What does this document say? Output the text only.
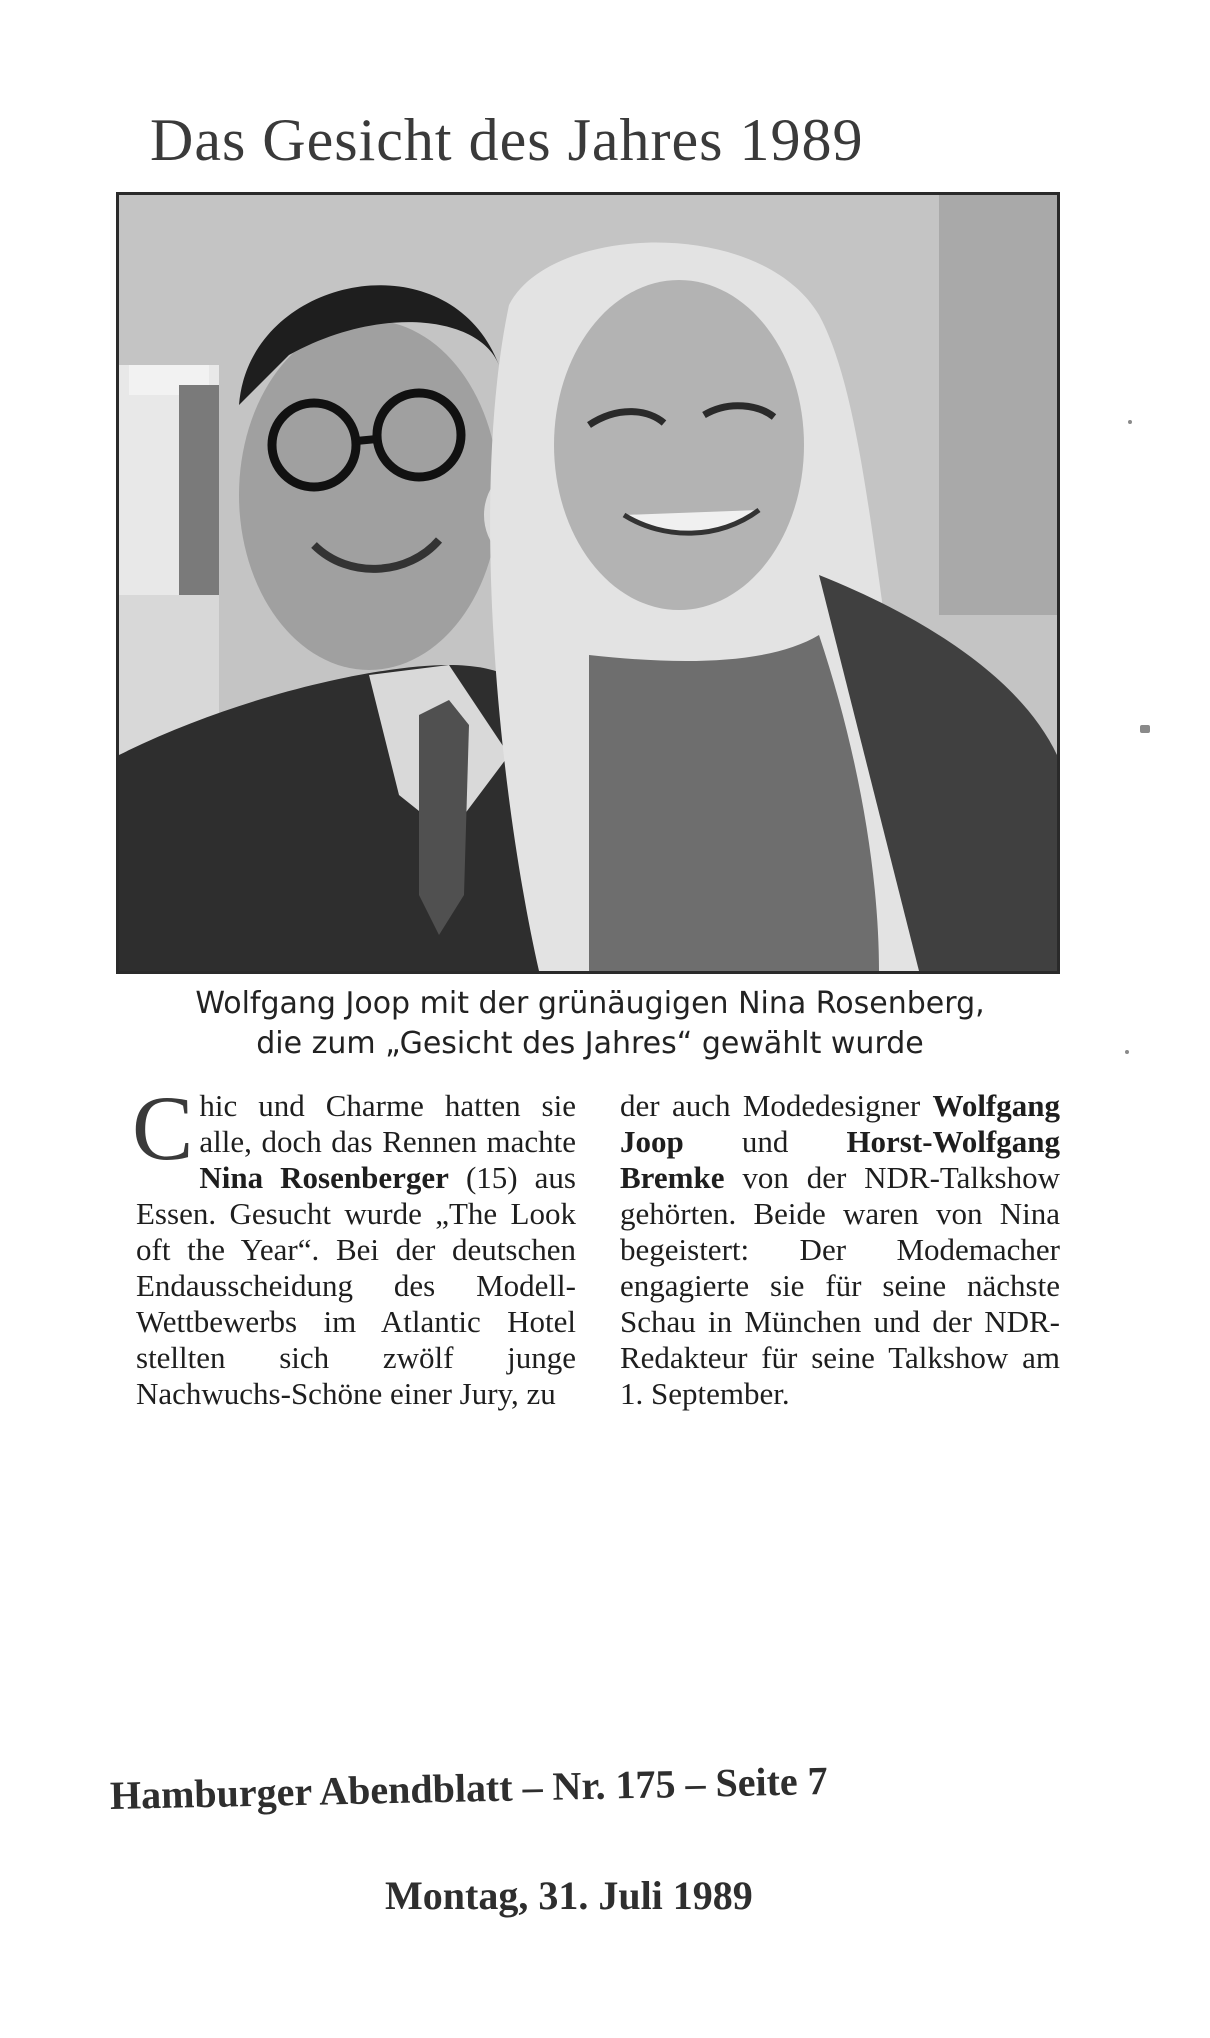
Das Gesicht des Jahres 1989
Wolfgang Joop mit der grünäugigen Nina Rosenberg,
die zum „Gesicht des Jahres“ gewählt wurde

Chic und Charme hatten sie alle, doch das Rennen machte Nina Rosenberger (15) aus Essen. Gesucht wurde „The Look oft the Year“. Bei der deutschen Endausscheidung des Modell-Wettbewerbs im Atlantic Hotel stellten sich zwölf junge Nachwuchs-Schöne einer Jury, zu

der auch Modedesigner Wolfgang Joop und Horst-Wolfgang Bremke von der NDR-Talkshow gehörten. Beide waren von Nina begeistert: Der Modemacher engagierte sie für seine nächste Schau in München und der NDR-Redakteur für seine Talkshow am 1. September.

Hamburger Abendblatt – Nr. 175 – Seite 7
Montag, 31. Juli 1989
